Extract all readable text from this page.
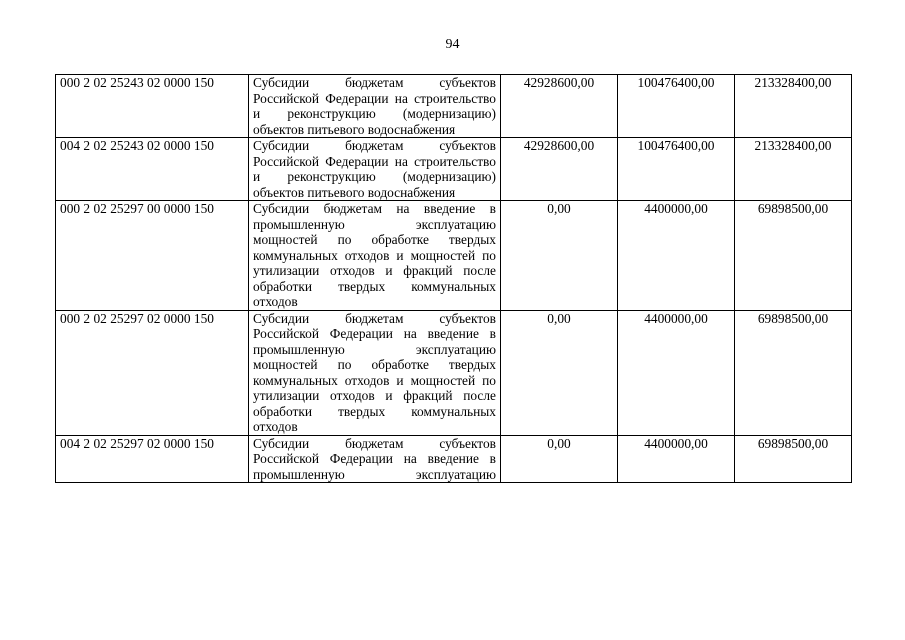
94
000 2 02 25243 02 0000 150	Субсидии бюджетам субъектов Российской Федерации на строительство и реконструкцию (модернизацию) объектов питьевого водоснабжения	42928600,00	100476400,00	213328400,00
004 2 02 25243 02 0000 150	Субсидии бюджетам субъектов Российской Федерации на строительство и реконструкцию (модернизацию) объектов питьевого водоснабжения	42928600,00	100476400,00	213328400,00
000 2 02 25297 00 0000 150	Субсидии бюджетам на введение в промышленную эксплуатацию мощностей по обработке твердых коммунальных отходов и мощностей по утилизации отходов и фракций после обработки твердых коммунальных отходов	0,00	4400000,00	69898500,00
000 2 02 25297 02 0000 150	Субсидии бюджетам субъектов Российской Федерации на введение в промышленную эксплуатацию мощностей по обработке твердых коммунальных отходов и мощностей по утилизации отходов и фракций после обработки твердых коммунальных отходов	0,00	4400000,00	69898500,00
004 2 02 25297 02 0000 150	Субсидии бюджетам субъектов Российской Федерации на введение в промышленную эксплуатацию	0,00	4400000,00	69898500,00
